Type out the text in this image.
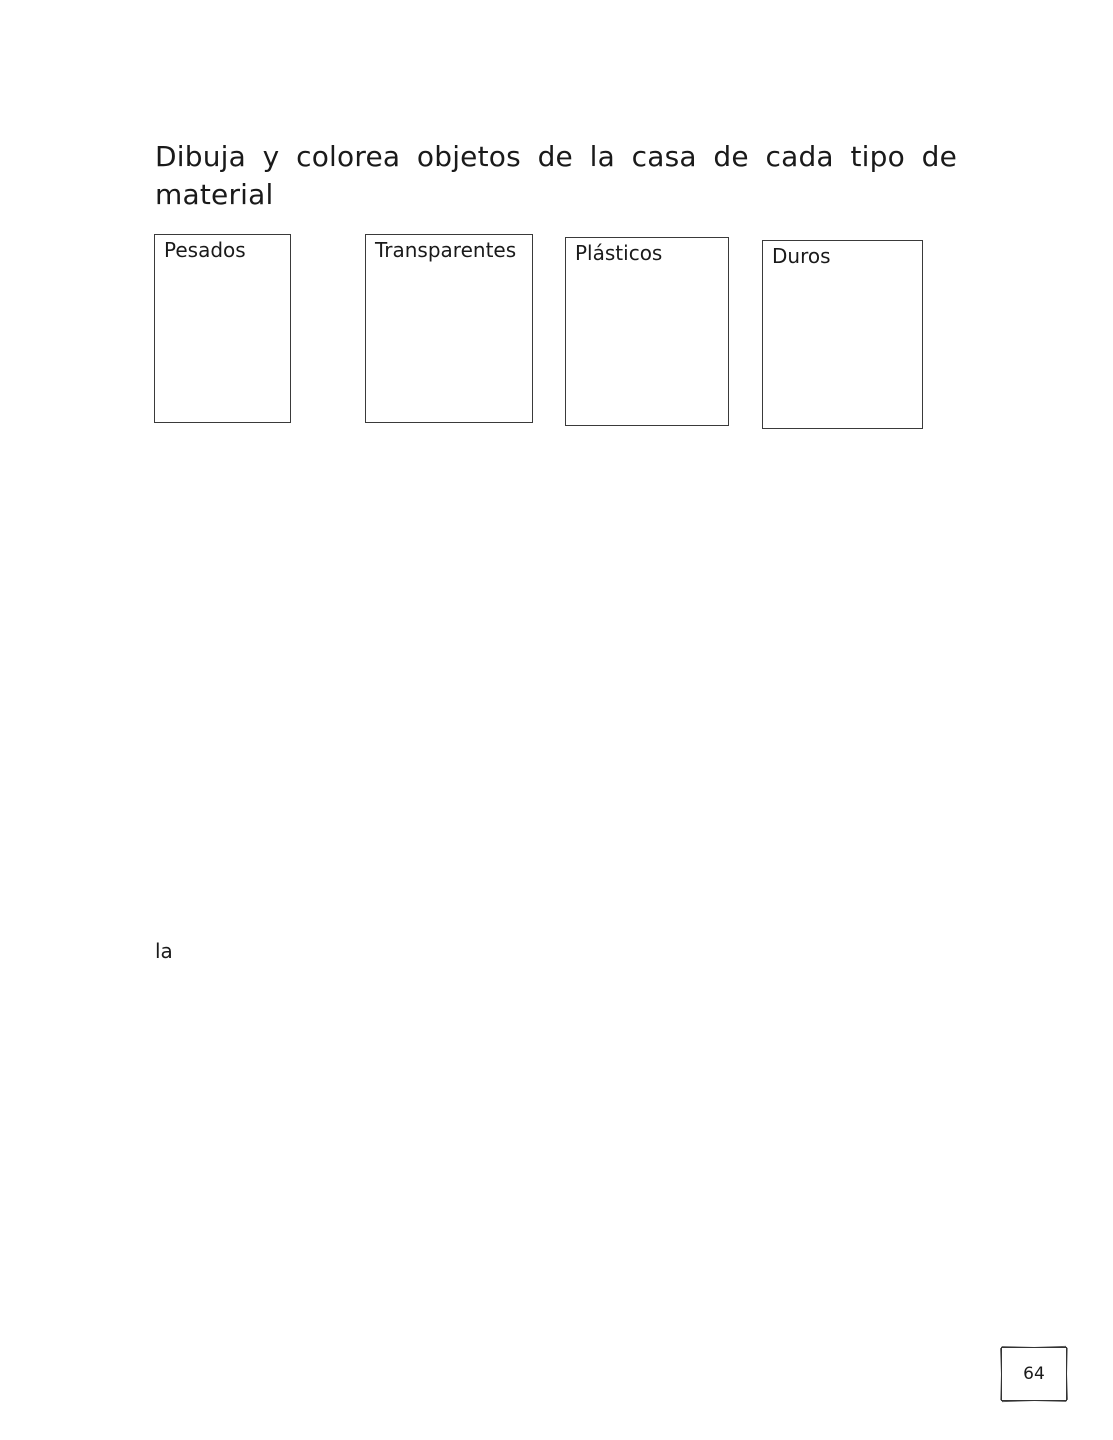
Dibuja y colorea objetos de la casa de cada tipo de material

Pesados	Transparentes	Plásticos	Duros
la
64
